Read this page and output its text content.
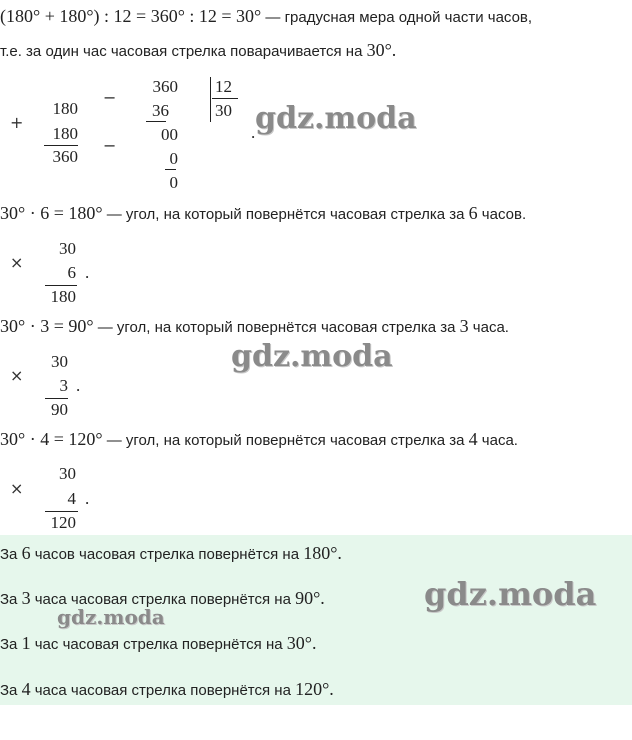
(180° + 180°) : 12 = 360° : 12 = 30° — градусная мера одной части часов,
т.е. за один час часовая стрелка поварачивается на 30°.
+
180
180
360
−
−
360
36
00
0
0
12
30
.
30° · 6 = 180° — угол, на который повернётся часовая стрелка за 6 часов.
×
30
6
180
.
30° · 3 = 90° — угол, на который повернётся часовая стрелка за 3 часа.
×
30
3
90
.
30° · 4 = 120° — угол, на который повернётся часовая стрелка за 4 часа.
×
30
4
120
.
За 6 часов часовая стрелка повернётся на 180°.
За 3 часа часовая стрелка повернётся на 90°.
За 1 час часовая стрелка повернётся на 30°.
За 4 часа часовая стрелка повернётся на 120°.
gdz.moda
gdz.moda
gdz.moda
gdz.moda
